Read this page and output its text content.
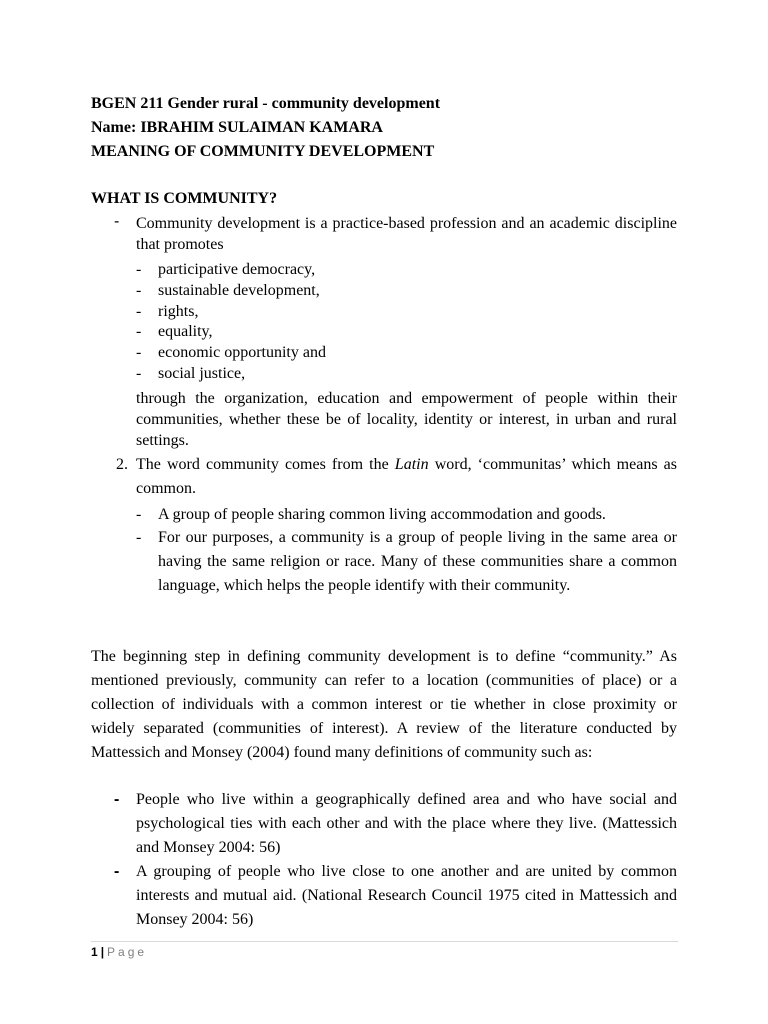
BGEN 211 Gender rural - community development
Name: IBRAHIM SULAIMAN KAMARA
MEANING OF COMMUNITY DEVELOPMENT
WHAT IS COMMUNITY?
- Community development is a practice-based profession and an academic discipline that promotes
- participative democracy,
- sustainable development,
- rights,
- equality,
- economic opportunity and
- social justice,
through the organization, education and empowerment of people within their communities, whether these be of locality, identity or interest, in urban and rural settings.
2. The word community comes from the Latin word, ‘communitas’ which means as common.
- A group of people sharing common living accommodation and goods.
- For our purposes, a community is a group of people living in the same area or having the same religion or race. Many of these communities share a common language, which helps the people identify with their community.
The beginning step in defining community development is to define “community.” As mentioned previously, community can refer to a location (communities of place) or a collection of individuals with a common interest or tie whether in close proximity or widely separated (communities of interest). A review of the literature conducted by Mattessich and Monsey (2004) found many definitions of community such as:
- People who live within a geographically defined area and who have social and psychological ties with each other and with the place where they live. (Mattessich and Monsey 2004: 56)
- A grouping of people who live close to one another and are united by common interests and mutual aid. (National Research Council 1975 cited in Mattessich and Monsey 2004: 56)
1 | Page
